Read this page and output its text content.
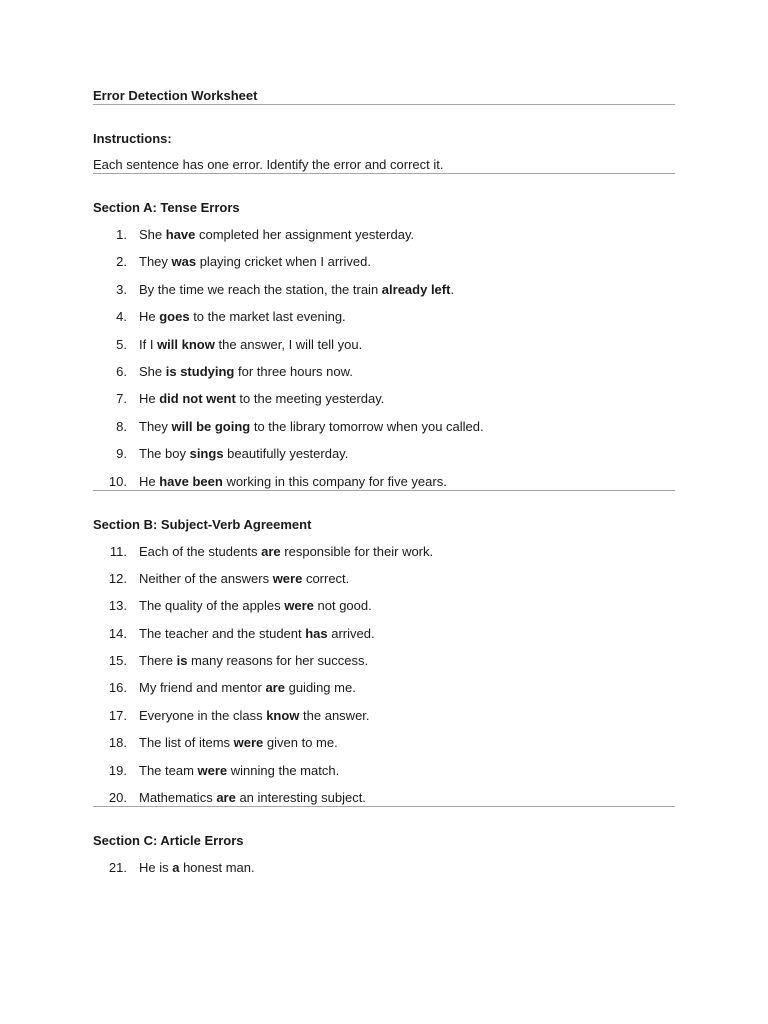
Error Detection Worksheet
Instructions:
Each sentence has one error. Identify the error and correct it.
Section A: Tense Errors
1. She have completed her assignment yesterday.
2. They was playing cricket when I arrived.
3. By the time we reach the station, the train already left.
4. He goes to the market last evening.
5. If I will know the answer, I will tell you.
6. She is studying for three hours now.
7. He did not went to the meeting yesterday.
8. They will be going to the library tomorrow when you called.
9. The boy sings beautifully yesterday.
10. He have been working in this company for five years.
Section B: Subject-Verb Agreement
11. Each of the students are responsible for their work.
12. Neither of the answers were correct.
13. The quality of the apples were not good.
14. The teacher and the student has arrived.
15. There is many reasons for her success.
16. My friend and mentor are guiding me.
17. Everyone in the class know the answer.
18. The list of items were given to me.
19. The team were winning the match.
20. Mathematics are an interesting subject.
Section C: Article Errors
21. He is a honest man.
